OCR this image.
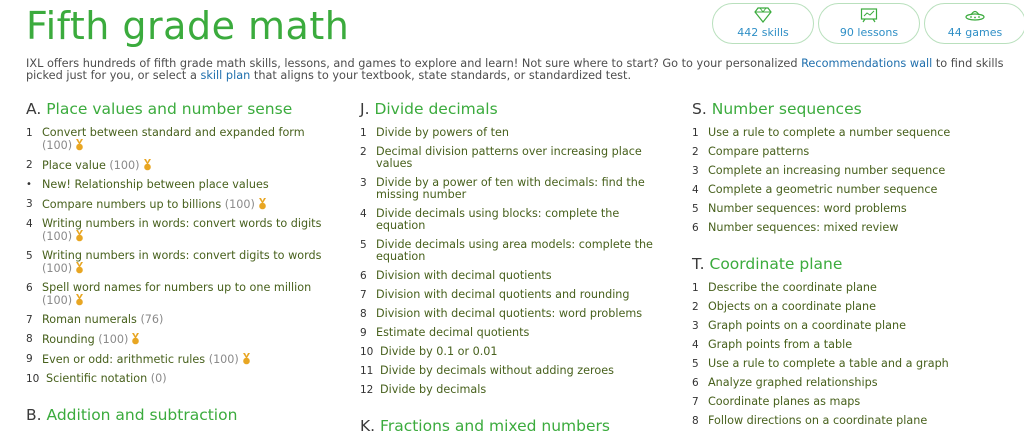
Fifth grade math	442 skills	90 lessons	44 games
IXL offers hundreds of fifth grade math skills, lessons, and games to explore and learn! Not sure where to start? Go to your personalized Recommendations wall to find skills picked just for you, or select a skill plan that aligns to your textbook, state standards, or standardized test.
A. Place values and number sense
1 Convert between standard and expanded form
(100)
2 Place value (100)
• New! Relationship between place values
3 Compare numbers up to billions (100)
4 Writing numbers in words: convert words to digits (100)
5 Writing numbers in words: convert digits to words (100)
6 Spell word names for numbers up to one million
(100)
7 Roman numerals (76)
8 Rounding (100)
9 Even or odd: arithmetic rules (100)
10 Scientific notation (0)
B. Addition and subtraction
J. Divide decimals
1 Divide by powers of ten
2 Decimal division patterns over increasing place values
3 Divide by a power of ten with decimals: find the missing number
4 Divide decimals using blocks: complete the equation
5 Divide decimals using area models: complete the equation
6 Division with decimal quotients
7 Division with decimal quotients and rounding
8 Division with decimal quotients: word problems
9 Estimate decimal quotients
10 Divide by 0.1 or 0.01
11 Divide by decimals without adding zeroes
12 Divide by decimals
K. Fractions and mixed numbers
S. Number sequences
1 Use a rule to complete a number sequence
2 Compare patterns
3 Complete an increasing number sequence
4 Complete a geometric number sequence
5 Number sequences: word problems
6 Number sequences: mixed review
T. Coordinate plane
1 Describe the coordinate plane
2 Objects on a coordinate plane
3 Graph points on a coordinate plane
4 Graph points from a table
5 Use a rule to complete a table and a graph
6 Analyze graphed relationships
7 Coordinate planes as maps
8 Follow directions on a coordinate plane
